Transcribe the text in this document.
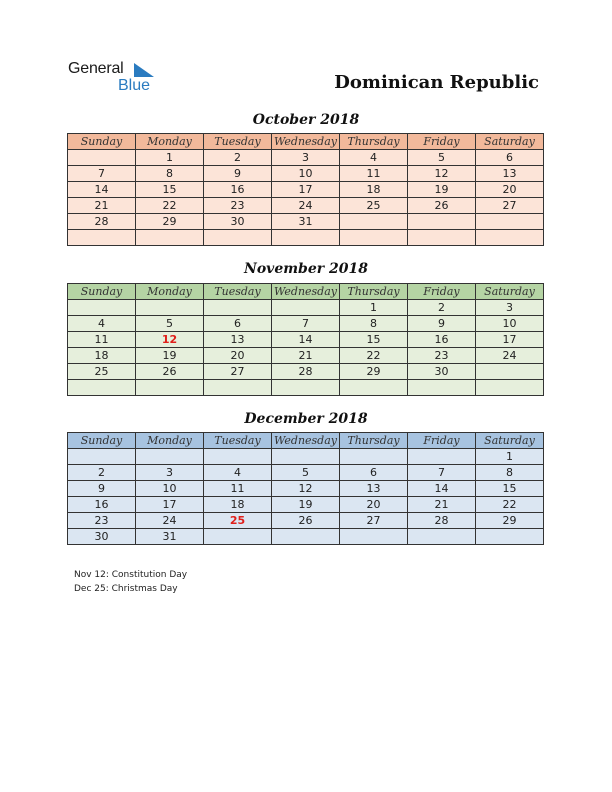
General
Blue	Dominican Republic
October 2018
Sunday	Monday	Tuesday	Wednesday	Thursday	Friday	Saturday
	1	2	3	4	5	6
7	8	9	10	11	12	13
14	15	16	17	18	19	20
21	22	23	24	25	26	27
28	29	30	31			

November 2018
Sunday	Monday	Tuesday	Wednesday	Thursday	Friday	Saturday
				1	2	3
4	5	6	7	8	9	10
11	12	13	14	15	16	17
18	19	20	21	22	23	24
25	26	27	28	29	30	

December 2018
Sunday	Monday	Tuesday	Wednesday	Thursday	Friday	Saturday
						1
2	3	4	5	6	7	8
9	10	11	12	13	14	15
16	17	18	19	20	21	22
23	24	25	26	27	28	29
30	31					
Nov 12: Constitution Day
Dec 25: Christmas Day
